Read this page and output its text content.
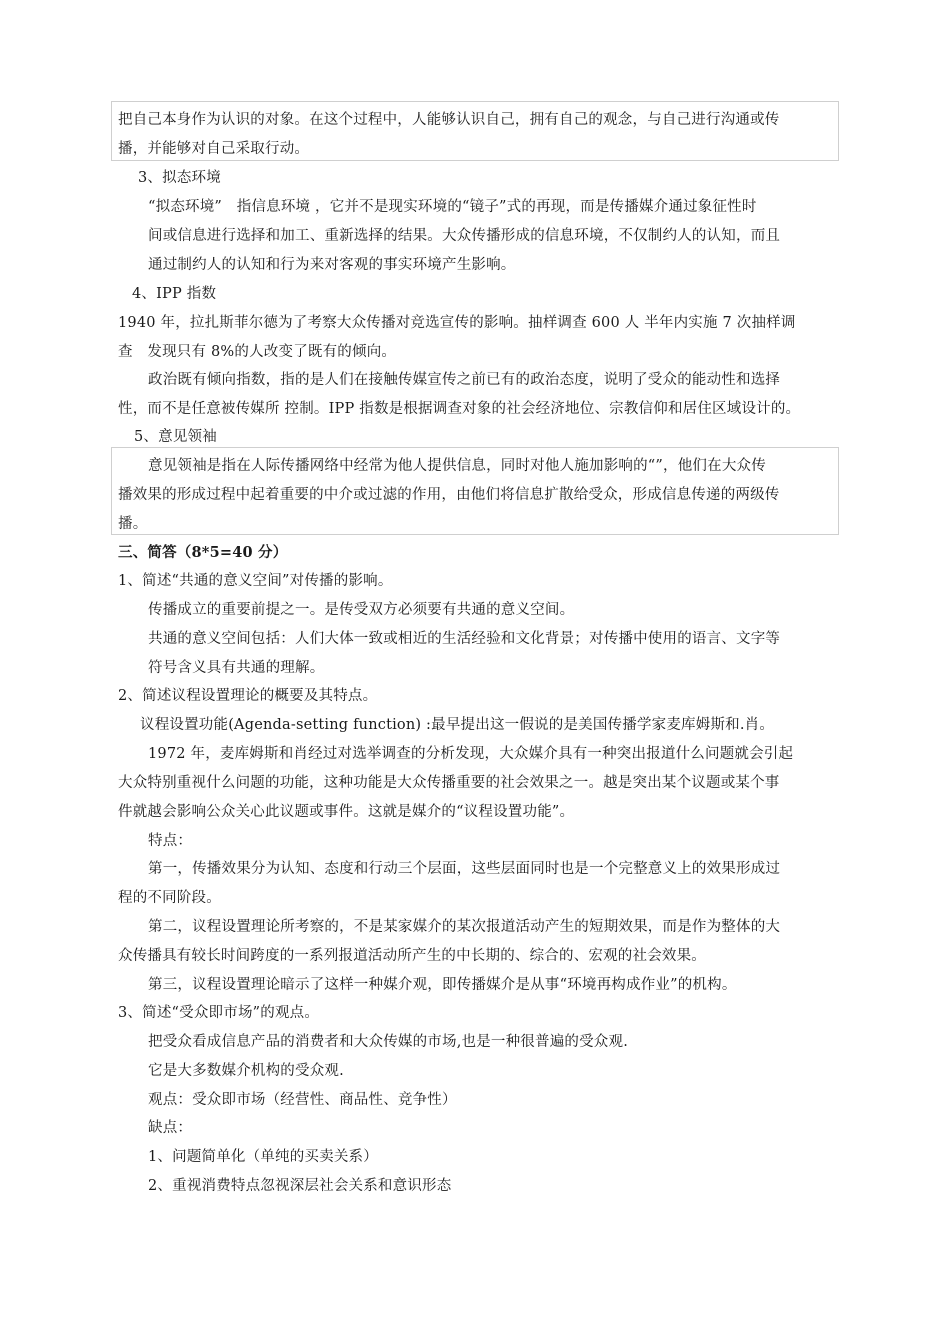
把自己本身作为认识的对象。在这个过程中，人能够认识自己，拥有自己的观念，与自己进行沟通或传
播，并能够对自己采取行动。
3、拟态环境
“拟态环境”　指信息环境 ，它并不是现实环境的“镜子”式的再现，而是传播媒介通过象征性时
间或信息进行选择和加工、重新选择的结果。大众传播形成的信息环境，不仅制约人的认知，而且
通过制约人的认知和行为来对客观的事实环境产生影响。
4、IPP 指数
1940 年，拉扎斯菲尔德为了考察大众传播对竞选宣传的影响。抽样调查 600 人 半年内实施 7 次抽样调
查　发现只有 8%的人改变了既有的倾向。
政治既有倾向指数，指的是人们在接触传媒宣传之前已有的政治态度，说明了受众的能动性和选择
性，而不是任意被传媒所 控制。IPP 指数是根据调查对象的社会经济地位、宗教信仰和居住区域设计的。
5、意见领袖
意见领袖是指在人际传播网络中经常为他人提供信息，同时对他人施加影响的“”，他们在大众传
播效果的形成过程中起着重要的中介或过滤的作用，由他们将信息扩散给受众，形成信息传递的两级传
播。
三、简答（8*5=40 分）
1、简述“共通的意义空间”对传播的影响。
传播成立的重要前提之一。是传受双方必须要有共通的意义空间。
共通的意义空间包括：人们大体一致或相近的生活经验和文化背景；对传播中使用的语言、文字等
符号含义具有共通的理解。
2、简述议程设置理论的概要及其特点。
议程设置功能(Agenda-setting function) :最早提出这一假说的是美国传播学家麦库姆斯和.肖。
1972 年，麦库姆斯和肖经过对选举调查的分析发现，大众媒介具有一种突出报道什么问题就会引起
大众特别重视什么问题的功能，这种功能是大众传播重要的社会效果之一。越是突出某个议题或某个事
件就越会影响公众关心此议题或事件。这就是媒介的“议程设置功能”。
特点：
第一，传播效果分为认知、态度和行动三个层面，这些层面同时也是一个完整意义上的效果形成过
程的不同阶段。
第二，议程设置理论所考察的，不是某家媒介的某次报道活动产生的短期效果，而是作为整体的大
众传播具有较长时间跨度的一系列报道活动所产生的中长期的、综合的、宏观的社会效果。
第三，议程设置理论暗示了这样一种媒介观，即传播媒介是从事“环境再构成作业”的机构。
3、简述“受众即市场”的观点。
把受众看成信息产品的消费者和大众传媒的市场,也是一种很普遍的受众观.
它是大多数媒介机构的受众观.
观点：受众即市场（经营性、商品性、竞争性）
缺点：
1、问题简单化（单纯的买卖关系）
2、重视消费特点忽视深层社会关系和意识形态
